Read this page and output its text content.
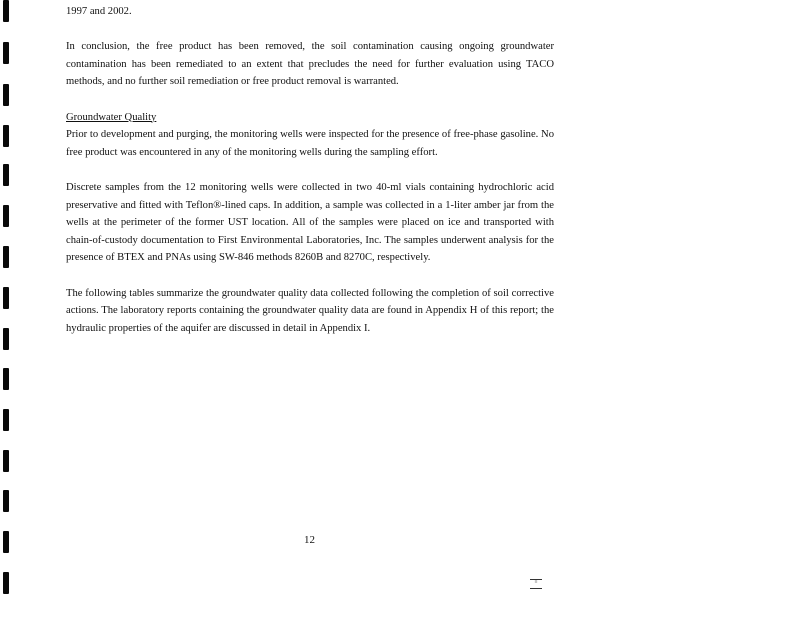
1997 and 2002.

In conclusion, the free product has been removed, the soil contamination causing ongoing groundwater contamination has been remediated to an extent that precludes the need for further evaluation using TACO methods, and no further soil remediation or free product removal is warranted.

Groundwater Quality

Prior to development and purging, the monitoring wells were inspected for the presence of free-phase gasoline. No free product was encountered in any of the monitoring wells during the sampling effort.

Discrete samples from the 12 monitoring wells were collected in two 40-ml vials containing hydrochloric acid preservative and fitted with Teflon®-lined caps. In addition, a sample was collected in a 1-liter amber jar from the wells at the perimeter of the former UST location. All of the samples were placed on ice and transported with chain-of-custody documentation to First Environmental Laboratories, Inc. The samples underwent analysis for the presence of BTEX and PNAs using SW-846 methods 8260B and 8270C, respectively.

The following tables summarize the groundwater quality data collected following the completion of soil corrective actions. The laboratory reports containing the groundwater quality data are found in Appendix H of this report; the hydraulic properties of the aquifer are discussed in detail in Appendix I.

12
≡
